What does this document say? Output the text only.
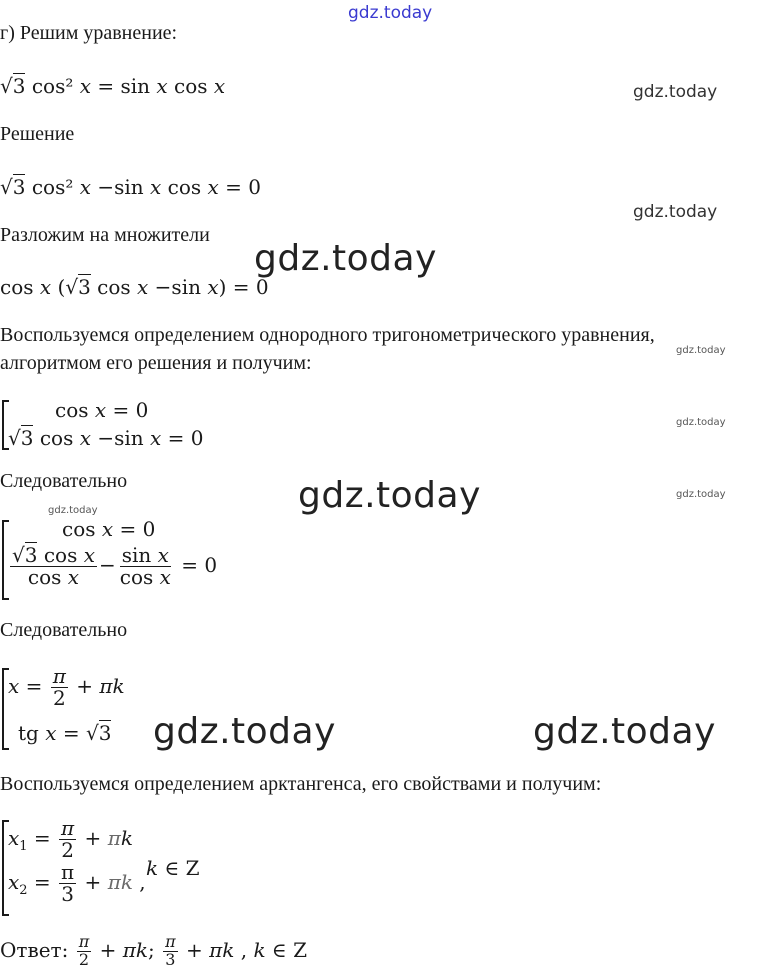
gdz.today
gdz.today
gdz.today
gdz.today
gdz.today
gdz.today
gdz.today	gdz.today
gdz.today
gdz.today	gdz.today
г) Решим уравнение:
√3 cos² x = sin x cos x
Решение
√3 cos² x −sin x cos x = 0
Разложим на множители
cos x (√3 cos x −sin x) = 0
Воспользуемся определением однородного тригонометрического уравнения,
алгоритмом его решения и получим:
cos x = 0
√3 cos x −sin x = 0
Следовательно
cos x = 0
$\frac{\text{√3 cos x}}{\text{cos x}} - \frac{\text{sin x}}{\text{cos x}} = 0$
Следовательно
$x = \frac{\pi}{2} + \pi k$
tg x = √3
Воспользуемся определением арктангенса, его свойствами и получим:
$x_1 = \frac{\pi}{2} + \pi k$
$x_2 = \frac{\pi}{3} + \pi k$ ,
k ∈ Z
Ответ: $\frac{\pi}{2} + \pi k$; $\frac{\pi}{3} + \pi k$ , k ∈ Z
